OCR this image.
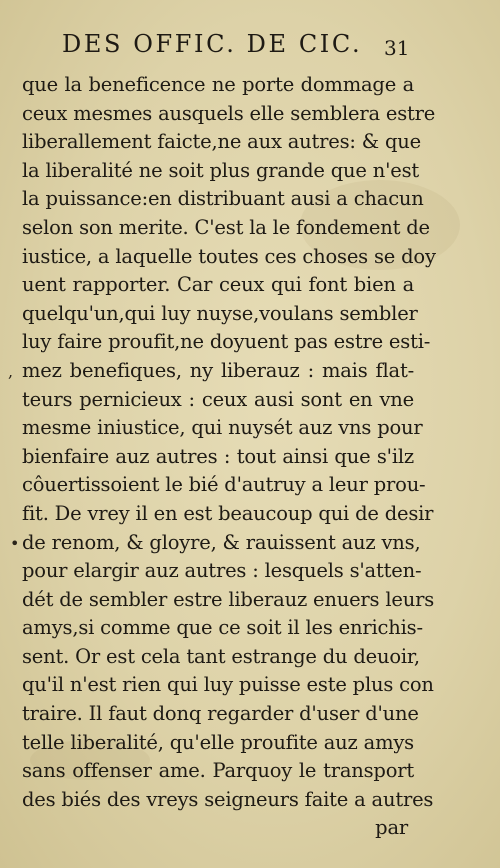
DES OFFIC. DE CIC. 31
,
•
que la beneficence ne porte dommage a
ceux mesmes ausquels elle semblera estre
liberallement faicte,ne aux autres: & que
la liberalité ne soit plus grande que n'est
la puissance:en distribuant ausi a chacun
selon son merite. C'est la le fondement de
iustice, a laquelle toutes ces choses se doy
uent rapporter. Car ceux qui font bien a
quelqu'un,qui luy nuyse,voulans sembler
luy faire proufit,ne doyuent pas estre esti-
mez benefiques, ny liberauz : mais flat-
teurs pernicieux : ceux ausi sont en vne
mesme iniustice, qui nuysét auz vns pour
bienfaire auz autres : tout ainsi que s'ilz
côuertissoient le bié d'autruy a leur prou-
fit. De vrey il en est beaucoup qui de desir
de renom, & gloyre, & rauissent auz vns,
pour elargir auz autres : lesquels s'atten-
dét de sembler estre liberauz enuers leurs
amys,si comme que ce soit il les enrichis-
sent. Or est cela tant estrange du deuoir,
qu'il n'est rien qui luy puisse este plus con
traire. Il faut donq regarder d'user d'une
telle liberalité, qu'elle proufite auz amys
sans offenser ame. Parquoy le transport
des biés des vreys seigneurs faite a autres
par
